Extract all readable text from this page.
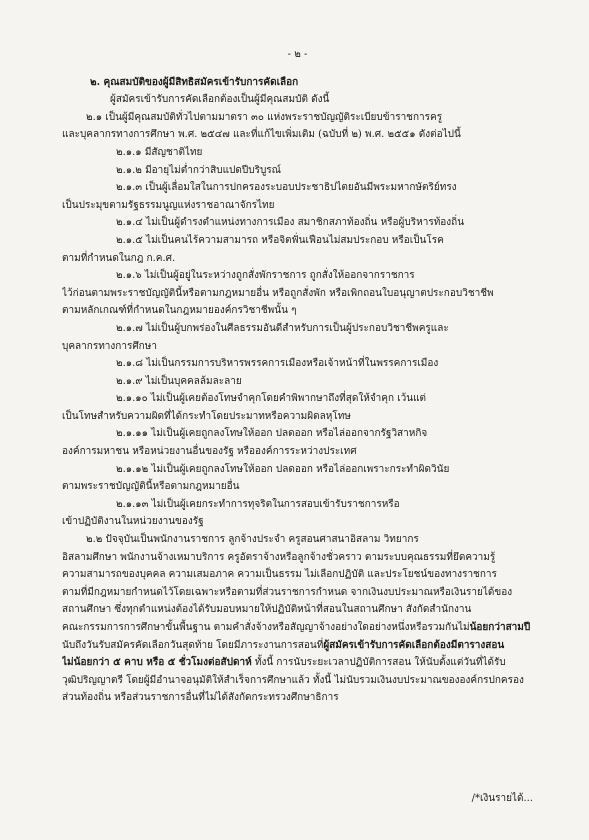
- ๒ -
๒. คุณสมบัติของผู้มีสิทธิสมัครเข้ารับการคัดเลือก
ผู้สมัครเข้ารับการคัดเลือกต้องเป็นผู้มีคุณสมบัติ ดังนี้
๒.๑ เป็นผู้มีคุณสมบัติทั่วไปตามมาตรา ๓๐ แห่งพระราชบัญญัติระเบียบข้าราชการครู
และบุคลากรทางการศึกษา พ.ศ. ๒๕๔๗ และที่แก้ไขเพิ่มเติม (ฉบับที่ ๒) พ.ศ. ๒๕๕๑ ดังต่อไปนี้
๒.๑.๑ มีสัญชาติไทย
๒.๑.๒ มีอายุไม่ต่ำกว่าสิบแปดปีบริบูรณ์
๒.๑.๓ เป็นผู้เลื่อมใสในการปกครองระบอบประชาธิปไตยอันมีพระมหากษัตริย์ทรง
เป็นประมุขตามรัฐธรรมนูญแห่งราชอาณาจักรไทย
๒.๑.๔ ไม่เป็นผู้ดำรงตำแหน่งทางการเมือง สมาชิกสภาท้องถิ่น หรือผู้บริหารท้องถิ่น
๒.๑.๕ ไม่เป็นคนไร้ความสามารถ หรือจิตฟั่นเฟือนไม่สมประกอบ หรือเป็นโรค
ตามที่กำหนดในกฎ ก.ค.ศ.
๒.๑.๖ ไม่เป็นผู้อยู่ในระหว่างถูกสั่งพักราชการ ถูกสั่งให้ออกจากราชการ
ไว้ก่อนตามพระราชบัญญัตินี้หรือตามกฎหมายอื่น หรือถูกสั่งพัก หรือเพิกถอนใบอนุญาตประกอบวิชาชีพ
ตามหลักเกณฑ์ที่กำหนดในกฎหมายองค์กรวิชาชีพนั้น ๆ
๒.๑.๗ ไม่เป็นผู้บกพร่องในศีลธรรมอันดีสำหรับการเป็นผู้ประกอบวิชาชีพครูและ
บุคลากรทางการศึกษา
๒.๑.๘ ไม่เป็นกรรมการบริหารพรรคการเมืองหรือเจ้าหน้าที่ในพรรคการเมือง
๒.๑.๙ ไม่เป็นบุคคลล้มละลาย
๒.๑.๑๐ ไม่เป็นผู้เคยต้องโทษจำคุกโดยคำพิพากษาถึงที่สุดให้จำคุก เว้นแต่
เป็นโทษสำหรับความผิดที่ได้กระทำโดยประมาทหรือความผิดลหุโทษ
๒.๑.๑๑ ไม่เป็นผู้เคยถูกลงโทษให้ออก ปลดออก หรือไล่ออกจากรัฐวิสาหกิจ
องค์การมหาชน หรือหน่วยงานอื่นของรัฐ หรือองค์การระหว่างประเทศ
๒.๑.๑๒ ไม่เป็นผู้เคยถูกลงโทษให้ออก ปลดออก หรือไล่ออกเพราะกระทำผิดวินัย
ตามพระราชบัญญัตินี้หรือตามกฎหมายอื่น
๒.๑.๑๓ ไม่เป็นผู้เคยกระทำการทุจริตในการสอบเข้ารับราชการหรือ
เข้าปฏิบัติงานในหน่วยงานของรัฐ
๒.๒ ปัจจุบันเป็นพนักงานราชการ ลูกจ้างประจำ ครูสอนศาสนาอิสลาม วิทยากร
อิสลามศึกษา พนักงานจ้างเหมาบริการ ครูอัตราจ้างหรือลูกจ้างชั่วคราว ตามระบบคุณธรรมที่ยึดความรู้
ความสามารถของบุคคล ความเสมอภาค ความเป็นธรรม ไม่เลือกปฏิบัติ และประโยชน์ของทางราชการ
ตามที่มีกฎหมายกำหนดไว้โดยเฉพาะหรือตามที่ส่วนราชการกำหนด จากเงินงบประมาณหรือเงินรายได้ของ
สถานศึกษา ซึ่งทุกตำแหน่งต้องได้รับมอบหมายให้ปฏิบัติหน้าที่สอนในสถานศึกษา สังกัดสำนักงาน
คณะกรรมการการศึกษาขั้นพื้นฐาน ตามคำสั่งจ้างหรือสัญญาจ้างอย่างใดอย่างหนึ่งหรือรวมกันไม่น้อยกว่าสามปี
นับถึงวันรับสมัครคัดเลือกวันสุดท้าย โดยมีภาระงานการสอนที่ผู้สมัครเข้ารับการคัดเลือกต้องมีตารางสอน
ไม่น้อยกว่า ๕ คาบ หรือ ๕ ชั่วโมงต่อสัปดาห์ ทั้งนี้ การนับระยะเวลาปฏิบัติการสอน ให้นับตั้งแต่วันที่ได้รับ
วุฒิปริญญาตรี โดยผู้มีอำนาจอนุมัติให้สำเร็จการศึกษาแล้ว ทั้งนี้ ไม่นับรวมเงินงบประมาณขององค์กรปกครอง
ส่วนท้องถิ่น หรือส่วนราชการอื่นที่ไม่ได้สังกัดกระทรวงศึกษาธิการ
/*เงินรายได้...
